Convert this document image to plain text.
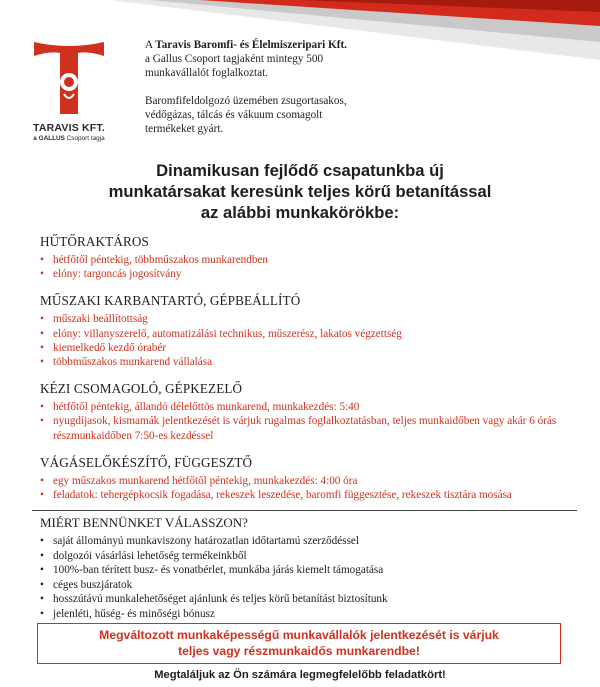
TARAVIS KFT.
a GALLUS Csoport tagja

A Taravis Baromfi- és Élelmiszeripari Kft.
a Gallus Csoport tagjaként mintegy 500
munkavállalót foglalkoztat.

Baromfifeldolgozó üzemében zsugortasakos,
védőgázas, tálcás és vákuum csomagolt
termékeket gyárt.

Dinamikusan fejlődő csapatunkba új
munkatársakat keresünk teljes körű betanítással
az alábbi munkakörökbe:
HŰTŐRAKTÁROS
• hétfőtől péntekig, többműszakos munkarendben
• elóny: targoncás jogosítvány
MŰSZAKI KARBANTARTÓ, GÉPBEÁLLÍTÓ
• műszaki beállítottság
• elóny: villanyszerelő, automatizálási technikus, műszerész, lakatos végzettség
• kiemelkedő kezdő órabér
• többműszakos munkarend vállalása
KÉZI CSOMAGOLÓ, GÉPKEZELŐ
• hétfőtől péntekig, állandó délelőttös munkarend, munkakezdés: 5:40
• nyugdíjasok, kismamák jelentkezését is várjuk rugalmas foglalkoztatásban, teljes munkaidőben vagy akár 6 órás részmunkaidőben 7:50-es kezdéssel
VÁGÁSELŐKÉSZÍTŐ, FÜGGESZTŐ
• egy műszakos munkarend hétfőtől péntekig, munkakezdés: 4:00 óra
• feladatok: tehergépkocsik fogadása, rekeszek leszedése, baromfi függesztése, rekeszek tisztára mosása
MIÉRT BENNÜNKET VÁLASSZON?
• saját állományú munkaviszony határozatlan időtartamú szerződéssel
• dolgozói vásárlási lehetőség termékeinkből
• 100%-ban térített busz- és vonatbérlet, munkába járás kiemelt támogatása
• céges buszjáratok
• hosszútávú munkalehetőséget ajánlunk és teljes körű betanítást biztosítunk
• jelenléti, hűség- és minőségi bónusz
Megváltozott munkaképességű munkavállalók jelentkezését is várjuk
teljes vagy részmunkaidős munkarendbe!
Megtaláljuk az Ön számára legmegfelelőbb feladatkört!
